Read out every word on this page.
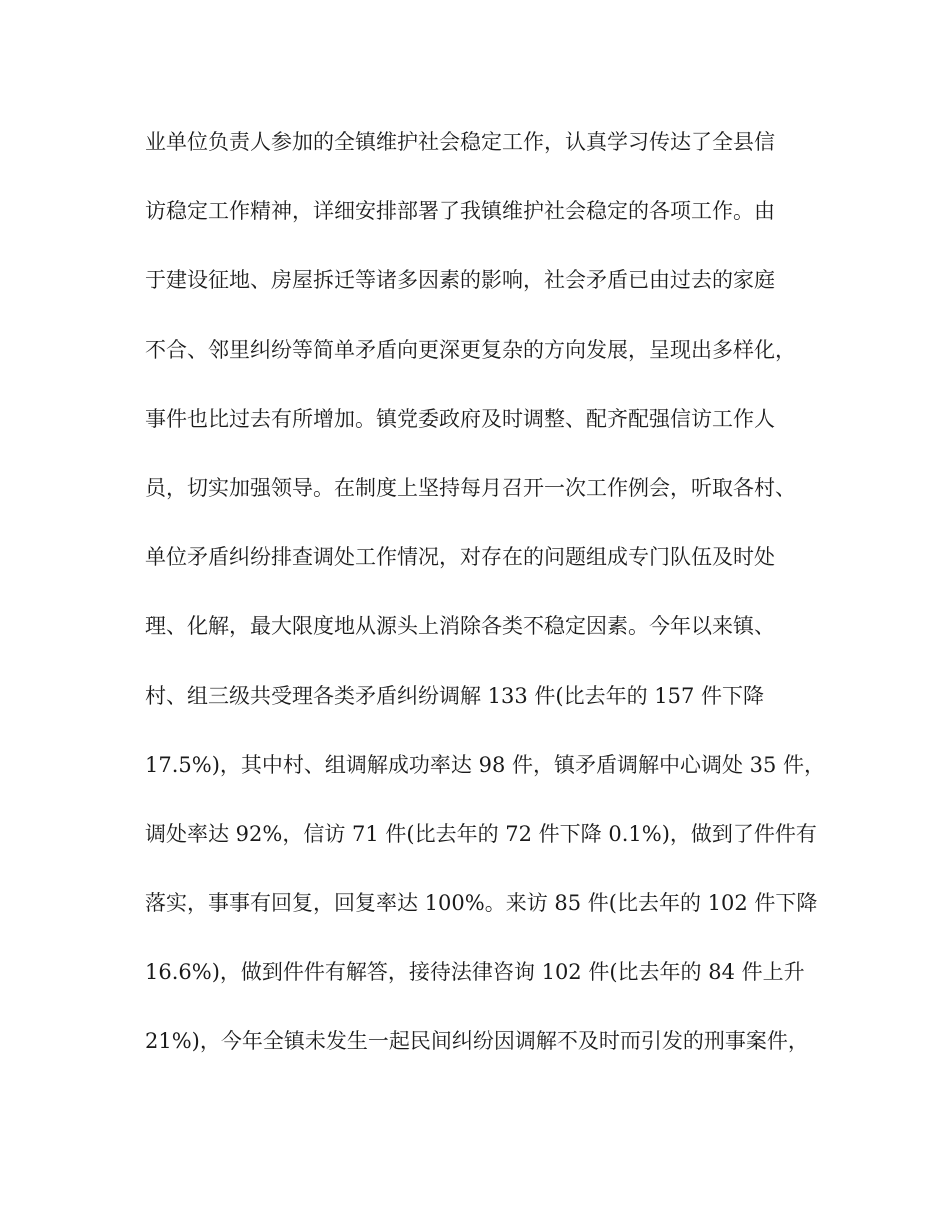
业单位负责人参加的全镇维护社会稳定工作，认真学习传达了全县信
访稳定工作精神，详细安排部署了我镇维护社会稳定的各项工作。由
于建设征地、房屋拆迁等诸多因素的影响，社会矛盾已由过去的家庭
不合、邻里纠纷等简单矛盾向更深更复杂的方向发展，呈现出多样化，
事件也比过去有所增加。镇党委政府及时调整、配齐配强信访工作人
员，切实加强领导。在制度上坚持每月召开一次工作例会，听取各村、
单位矛盾纠纷排查调处工作情况，对存在的问题组成专门队伍及时处
理、化解，最大限度地从源头上消除各类不稳定因素。今年以来镇、
村、组三级共受理各类矛盾纠纷调解 133 件(比去年的 157 件下降
17.5%)，其中村、组调解成功率达 98 件，镇矛盾调解中心调处 35 件，
调处率达 92%，信访 71 件(比去年的 72 件下降 0.1%)，做到了件件有
落实，事事有回复，回复率达 100%。来访 85 件(比去年的 102 件下降
16.6%)，做到件件有解答，接待法律咨询 102 件(比去年的 84 件上升
21%)，今年全镇未发生一起民间纠纷因调解不及时而引发的刑事案件，
